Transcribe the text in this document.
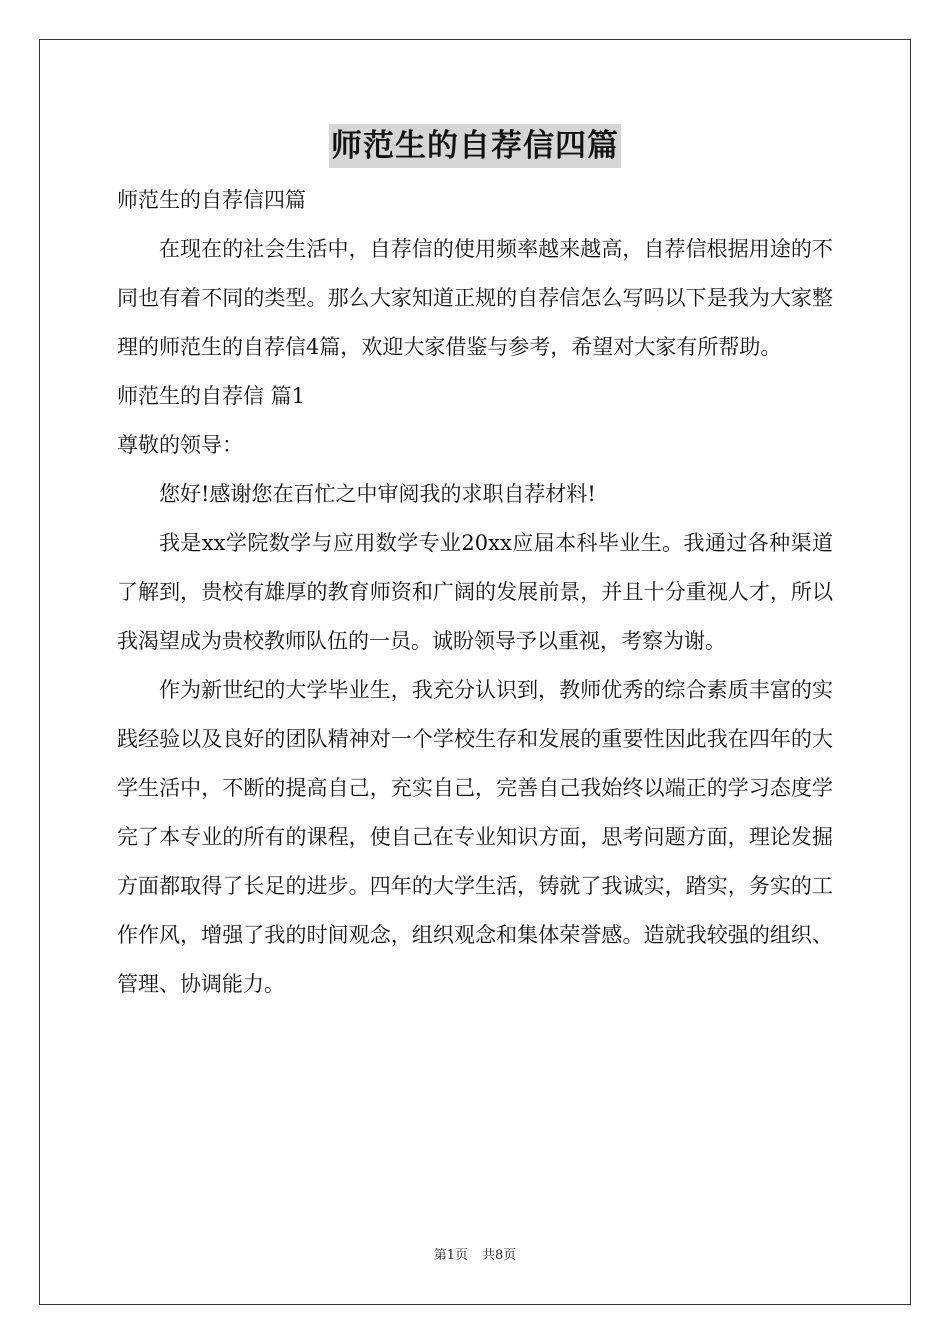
师范生的自荐信四篇

师范生的自荐信四篇

在现在的社会生活中，自荐信的使用频率越来越高，自荐信根据用途的不同也有着不同的类型。那么大家知道正规的自荐信怎么写吗以下是我为大家整理的师范生的自荐信4篇，欢迎大家借鉴与参考，希望对大家有所帮助。

师范生的自荐信 篇1

尊敬的领导：

您好!感谢您在百忙之中审阅我的求职自荐材料!

我是xx学院数学与应用数学专业20xx应届本科毕业生。我通过各种渠道了解到，贵校有雄厚的教育师资和广阔的发展前景，并且十分重视人才，所以我渴望成为贵校教师队伍的一员。诚盼领导予以重视，考察为谢。

作为新世纪的大学毕业生，我充分认识到，教师优秀的综合素质丰富的实践经验以及良好的团队精神对一个学校生存和发展的重要性因此我在四年的大学生活中，不断的提高自己，充实自己，完善自己我始终以端正的学习态度学完了本专业的所有的课程，使自己在专业知识方面，思考问题方面，理论发掘方面都取得了长足的进步。四年的大学生活，铸就了我诚实，踏实，务实的工作作风，增强了我的时间观念，组织观念和集体荣誉感。造就我较强的组织、管理、协调能力。

第1页 共8页
